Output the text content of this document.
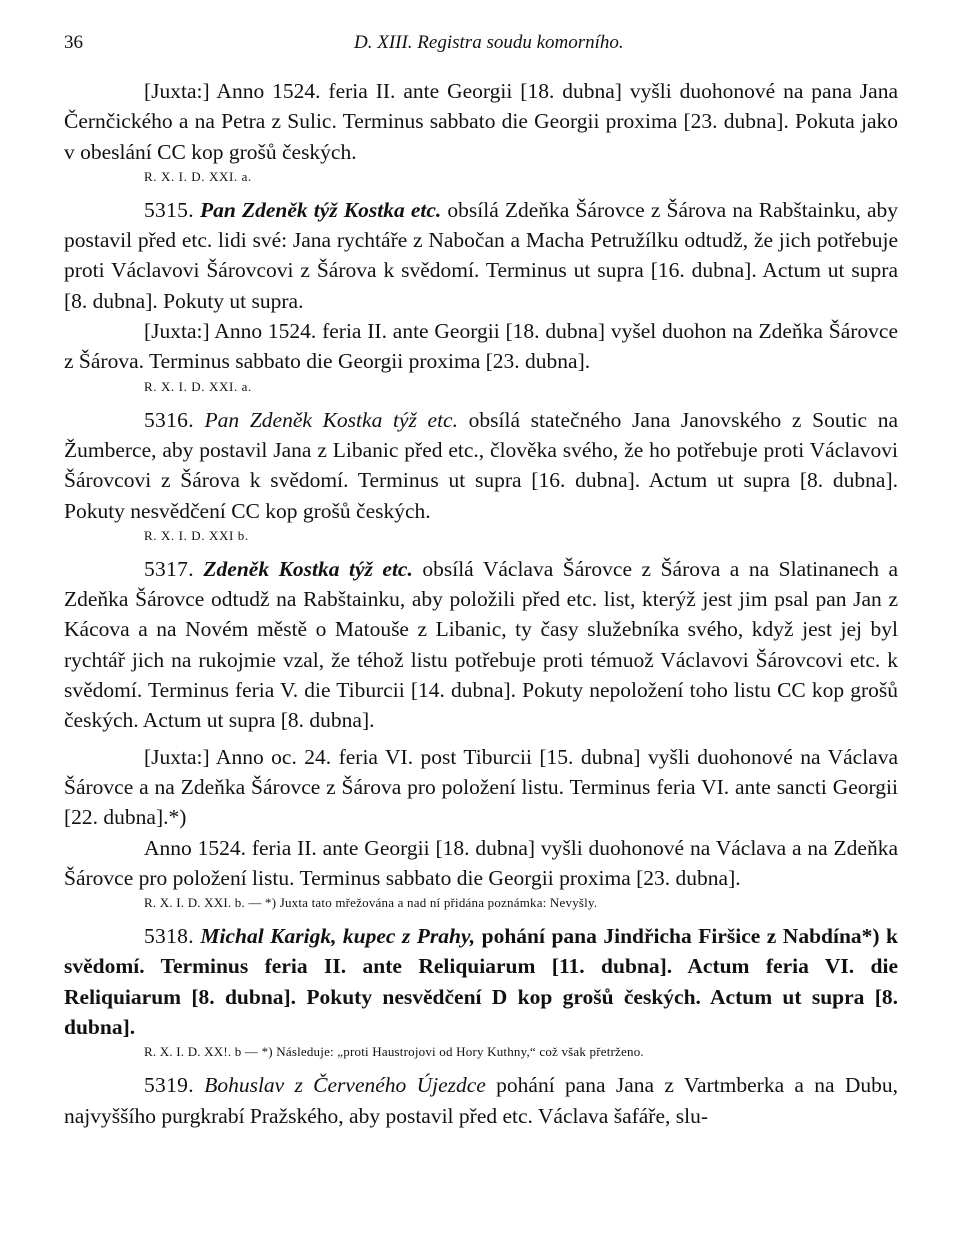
36	D. XIII. Registra soudu komorního.

[Juxta:] Anno 1524. feria II. ante Georgii [18. dubna] vyšli duohonové na pana Jana Černčického a na Petra z Sulic. Terminus sabbato die Georgii proxima [23. dubna]. Pokuta jako v obeslání CC kop grošů českých.

R. X. I. D. XXI. a.

5315. Pan Zdeněk týž Kostka etc. obsílá Zdeňka Šárovce z Šárova na Rabštainku, aby postavil před etc. lidi své: Jana rychtáře z Nabočan a Macha Petružílku odtudž, že jich potřebuje proti Václavovi Šárovcovi z Šárova k svědomí. Terminus ut supra [16. dubna]. Actum ut supra [8. dubna]. Pokuty ut supra.

[Juxta:] Anno 1524. feria II. ante Georgii [18. dubna] vyšel duohon na Zdeňka Šárovce z Šárova. Terminus sabbato die Georgii proxima [23. dubna].

R. X. I. D. XXI. a.

5316. Pan Zdeněk Kostka týž etc. obsílá statečného Jana Janovského z Soutic na Žumberce, aby postavil Jana z Libanic před etc., člověka svého, že ho potřebuje proti Václavovi Šárovcovi z Šárova k svědomí. Terminus ut supra [16. dubna]. Actum ut supra [8. dubna]. Pokuty nesvědčení CC kop grošů českých.

R. X. I. D. XXI b.

5317. Zdeněk Kostka týž etc. obsílá Václava Šárovce z Šárova a na Slatinanech a Zdeňka Šárovce odtudž na Rabštainku, aby položili před etc. list, kterýž jest jim psal pan Jan z Kácova a na Novém městě o Matouše z Libanic, ty časy služebníka svého, když jest jej byl rychtář jich na rukojmie vzal, že téhož listu potřebuje proti témuož Václavovi Šárovcovi etc. k svědomí. Terminus feria V. die Tiburcii [14. dubna]. Pokuty nepoložení toho listu CC kop grošů českých. Actum ut supra [8. dubna].

[Juxta:] Anno oc. 24. feria VI. post Tiburcii [15. dubna] vyšli duohonové na Václava Šárovce a na Zdeňka Šárovce z Šárova pro položení listu. Terminus feria VI. ante sancti Georgii [22. dubna].*)

Anno 1524. feria II. ante Georgii [18. dubna] vyšli duohonové na Václava a na Zdeňka Šárovce pro položení listu. Terminus sabbato die Georgii proxima [23. dubna].

R. X. I. D. XXI. b. — *) Juxta tato mřežována a nad ní přidána poznámka: Nevyšly.

5318. Michal Karigk, kupec z Prahy, pohání pana Jindřicha Firšice z Nabdína*) k svědomí. Terminus feria II. ante Reliquiarum [11. dubna]. Actum feria VI. die Reliquiarum [8. dubna]. Pokuty nesvědčení D kop grošů českých. Actum ut supra [8. dubna].

R. X. I. D. XX!. b — *) Následuje: „proti Haustrojovi od Hory Kuthny,“ což však přetrženo.

5319. Bohuslav z Červeného Újezdce pohání pana Jana z Vartmberka a na Dubu, najvyššího purgkrabí Pražského, aby postavil před etc. Václava šafáře, slu-
